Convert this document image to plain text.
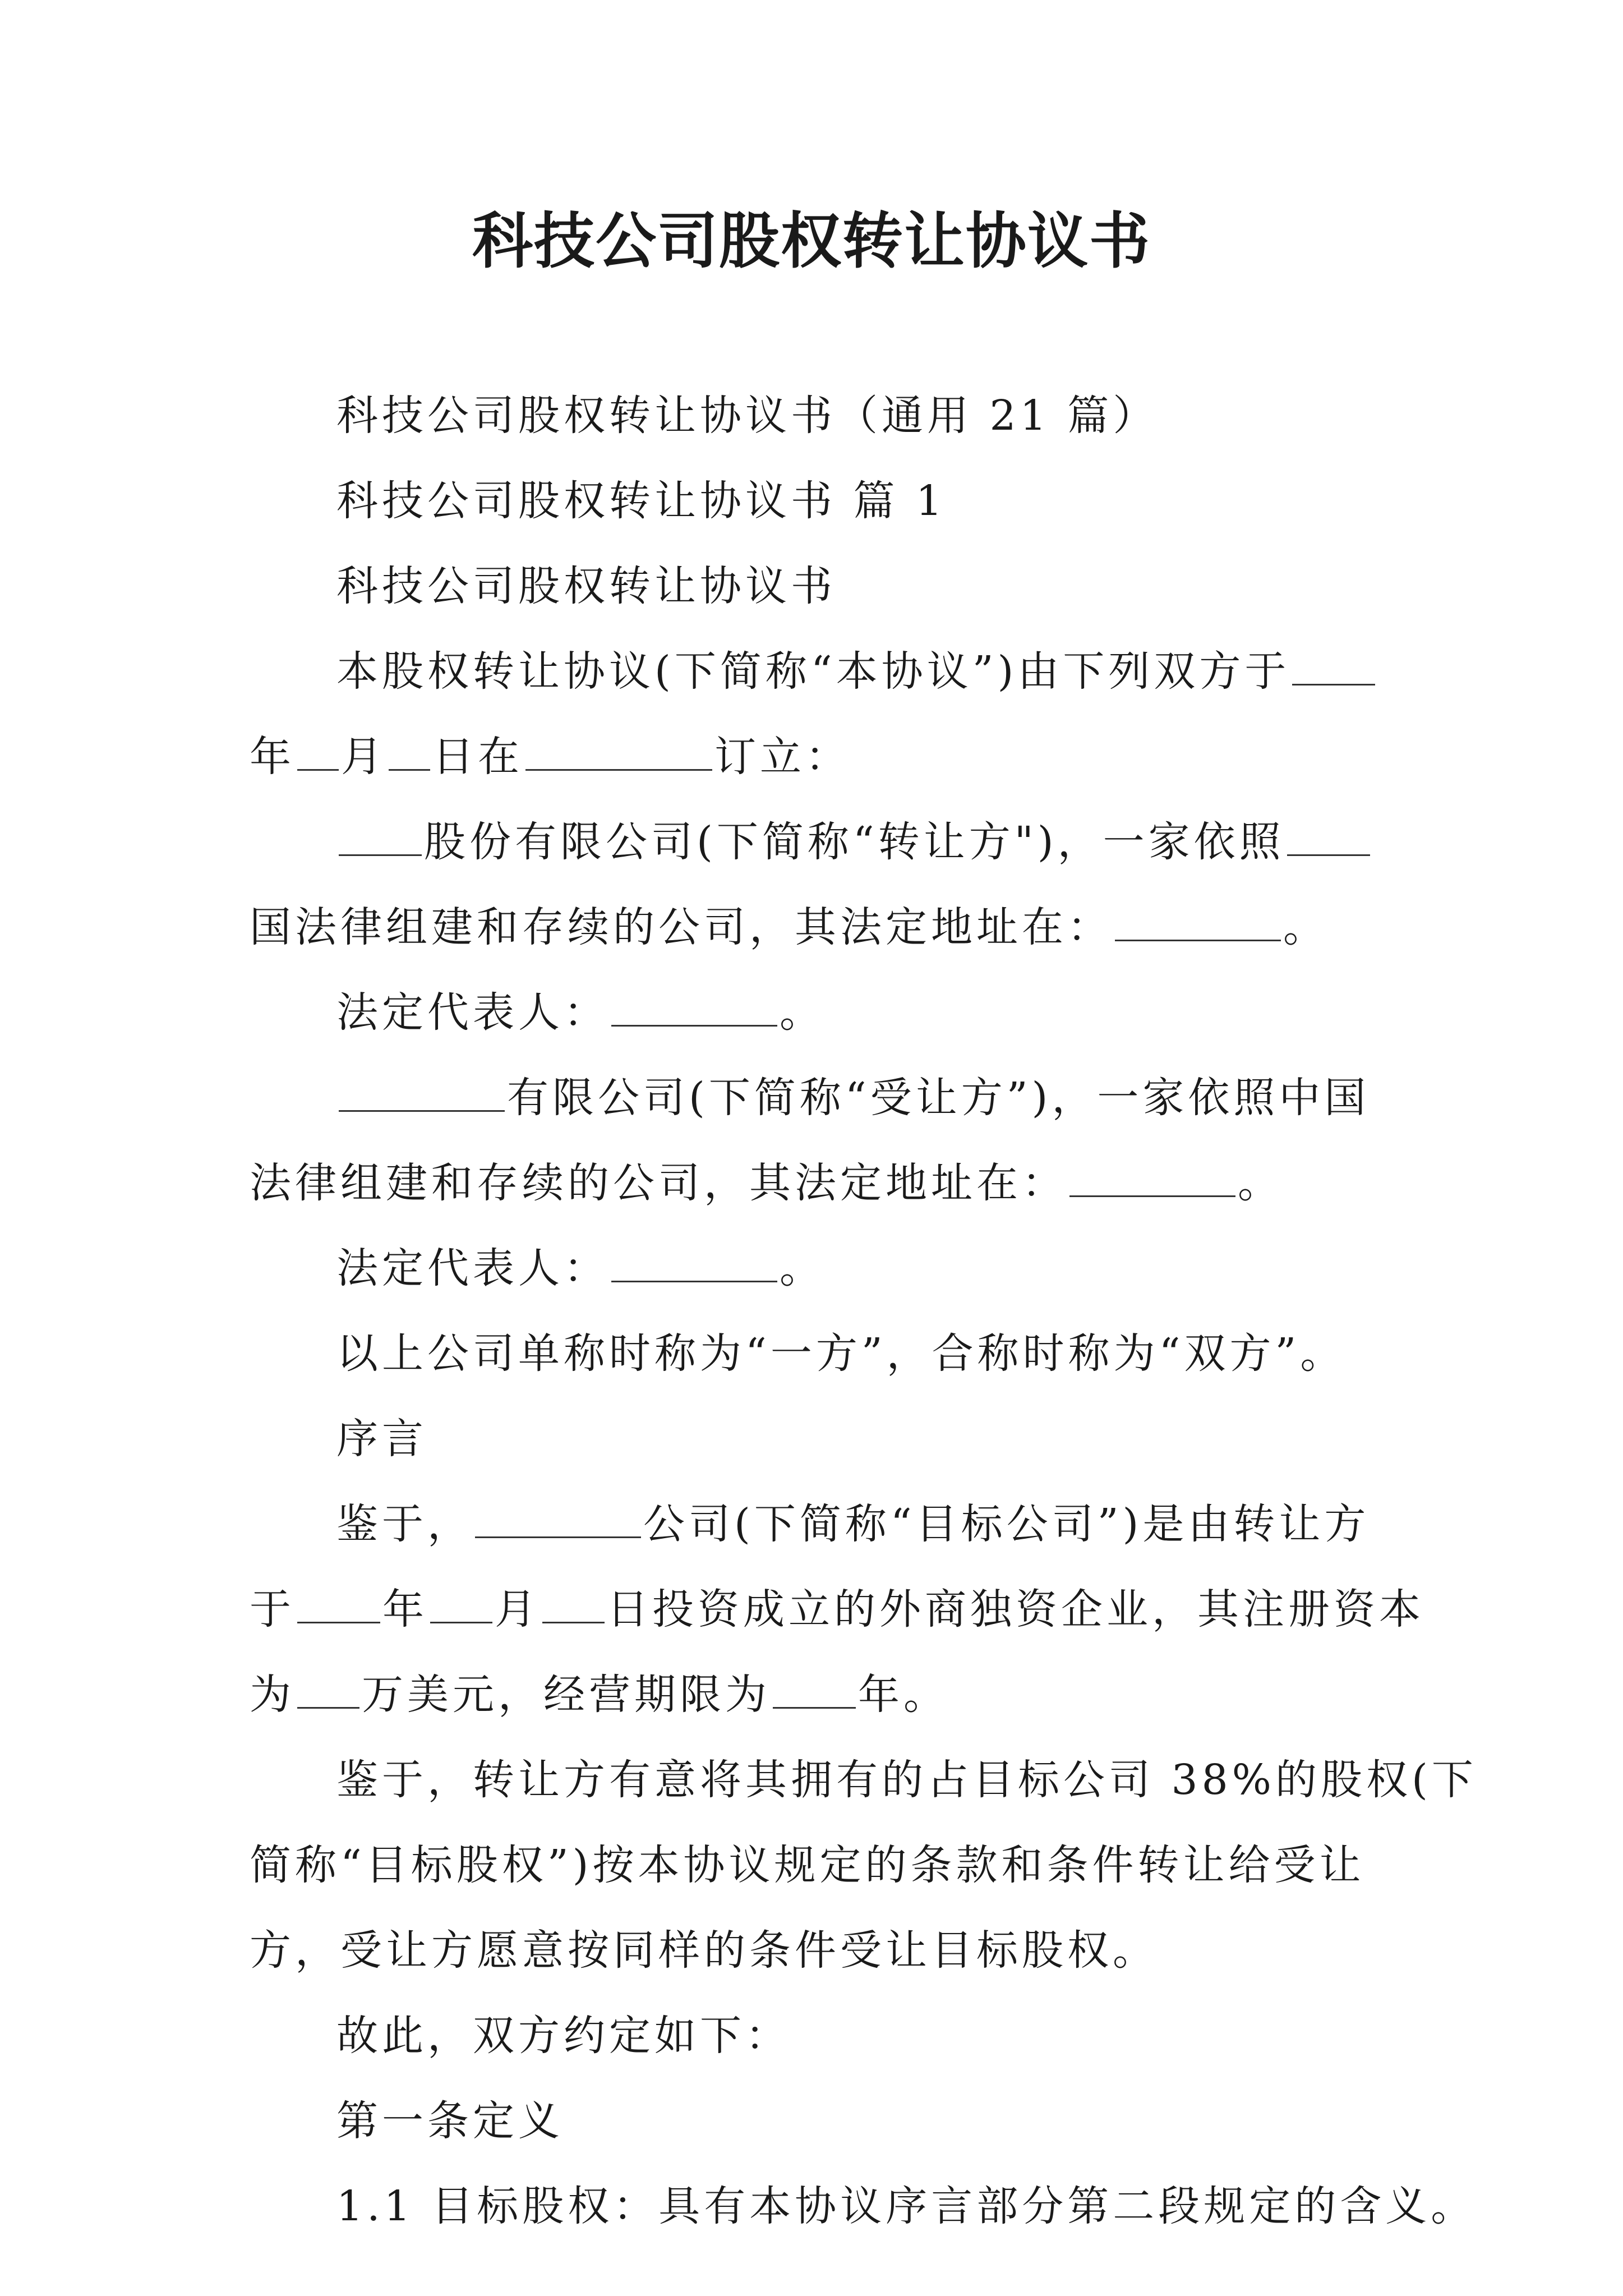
科技公司股权转让协议书
科技公司股权转让协议书（通用 21 篇）
科技公司股权转让协议书 篇 1
科技公司股权转让协议书
本股权转让协议(下简称“本协议”)由下列双方于
年 月 日在	订立：
股份有限公司(下简称“转让方")，一家依照
国法律组建和存续的公司，其法定地址在：	。
法定代表人：	。
有限公司(下简称“受让方”)，一家依照中国
法律组建和存续的公司，其法定地址在：	。
法定代表人：	。
以上公司单称时称为“一方”，合称时称为“双方”。
序言
鉴于，	公司(下简称“目标公司”)是由转让方
于 年 月 日投资成立的外商独资企业，其注册资本
为 万美元，经营期限为 年。
鉴于，转让方有意将其拥有的占目标公司 38%的股权(下
简称“目标股权”)按本协议规定的条款和条件转让给受让
方，受让方愿意按同样的条件受让目标股权。
故此，双方约定如下：
第一条定义
1.1 目标股权：具有本协议序言部分第二段规定的含义。
